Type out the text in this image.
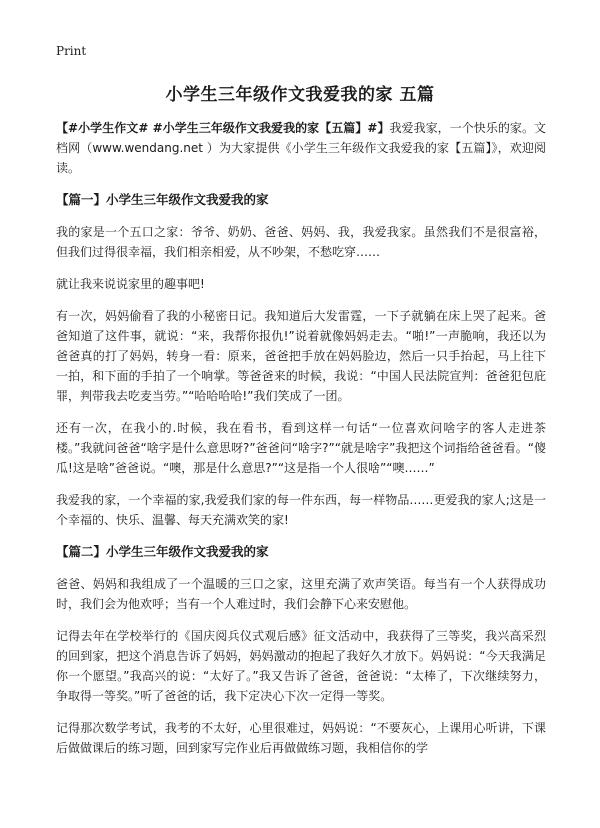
Print
小学生三年级作文我爱我的家 五篇

【#小学生作文# #小学生三年级作文我爱我的家【五篇】#】我爱我家，一个快乐的家。文档网（www.wendang.net ）为大家提供《小学生三年级作文我爱我的家【五篇】》，欢迎阅读。

【篇一】小学生三年级作文我爱我的家

我的家是一个五口之家：爷爷、奶奶、爸爸、妈妈、我，我爱我家。虽然我们不是很富裕，但我们过得很幸福，我们相亲相爱，从不吵架，不愁吃穿……

就让我来说说家里的趣事吧!

有一次，妈妈偷看了我的小秘密日记。我知道后大发雷霆，一下子就躺在床上哭了起来。爸爸知道了这件事，就说：“来，我帮你报仇!”说着就像妈妈走去。“啪!”一声脆响，我还以为爸爸真的打了妈妈，转身一看：原来，爸爸把手放在妈妈脸边，然后一只手抬起，马上往下一拍，和下面的手拍了一个响掌。等爸爸来的时候，我说：“中国人民法院宣判：爸爸犯包庇罪，判带我去吃麦当劳。”“哈哈哈哈!”我们笑成了一团。

还有一次，在我小的.时候，我在看书，看到这样一句话“一位喜欢问啥字的客人走进茶楼。”我就问爸爸“啥字是什么意思呀?”爸爸问“啥字?”“就是啥字”我把这个词指给爸爸看。“傻瓜!这是啥”爸爸说。“噢，那是什么意思?”“这是指一个人很啥”“噢……”

我爱我的家，一个幸福的家,我爱我们家的每一件东西，每一样物品……更爱我的家人;这是一个幸福的、快乐、温馨、每天充满欢笑的家!

【篇二】小学生三年级作文我爱我的家

爸爸、妈妈和我组成了一个温暖的三口之家，这里充满了欢声笑语。每当有一个人获得成功时，我们会为他欢呼；当有一个人难过时，我们会静下心来安慰他。

记得去年在学校举行的《国庆阅兵仪式观后感》征文活动中，我获得了三等奖，我兴高采烈的回到家，把这个消息告诉了妈妈，妈妈激动的抱起了我好久才放下。妈妈说：“今天我满足你一个愿望。”我高兴的说：“太好了。”我又告诉了爸爸，爸爸说：“太棒了，下次继续努力，争取得一等奖。”听了爸爸的话，我下定决心下次一定得一等奖。

记得那次数学考试，我考的不太好，心里很难过，妈妈说：“不要灰心，上课用心听讲，下课后做做课后的练习题，回到家写完作业后再做做练习题，我相信你的学
